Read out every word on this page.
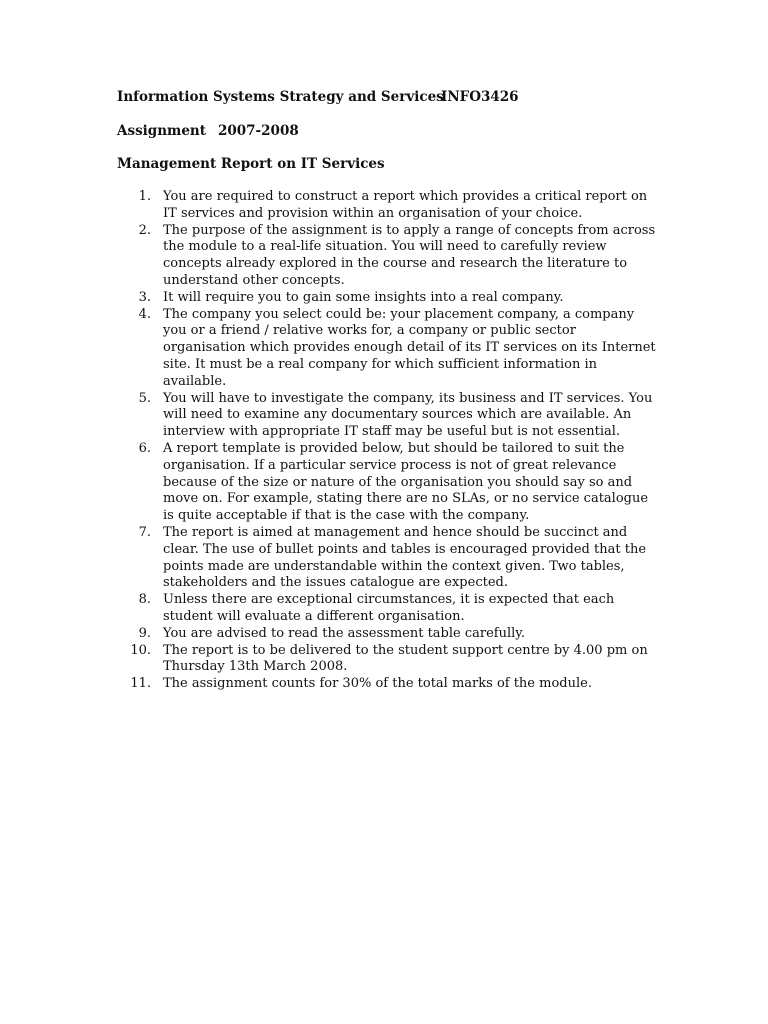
Information Systems Strategy and Services
INFO3426
Assignment 2007-2008
Management Report on IT Services
1. You are required to construct a report which provides a critical report on IT services and provision within an organisation of your choice.
2. The purpose of the assignment is to apply a range of concepts from across the module to a real-life situation. You will need to carefully review concepts already explored in the course and research the literature to understand other concepts.
3. It will require you to gain some insights into a real company.
4. The company you select could be: your placement company, a company you or a friend / relative works for, a company or public sector organisation which provides enough detail of its IT services on its Internet site. It must be a real company for which sufficient information in available.
5. You will have to investigate the company, its business and IT services. You will need to examine any documentary sources which are available. An interview with appropriate IT staff may be useful but is not essential.
6. A report template is provided below, but should be tailored to suit the organisation. If a particular service process is not of great relevance because of the size or nature of the organisation you should say so and move on. For example, stating there are no SLAs, or no service catalogue is quite acceptable if that is the case with the company.
7. The report is aimed at management and hence should be succinct and clear. The use of bullet points and tables is encouraged provided that the points made are understandable within the context given. Two tables, stakeholders and the issues catalogue are expected.
8. Unless there are exceptional circumstances, it is expected that each student will evaluate a different organisation.
9. You are advised to read the assessment table carefully.
10. The report is to be delivered to the student support centre by 4.00 pm on Thursday 13th March 2008.
11. The assignment counts for 30% of the total marks of the module.
